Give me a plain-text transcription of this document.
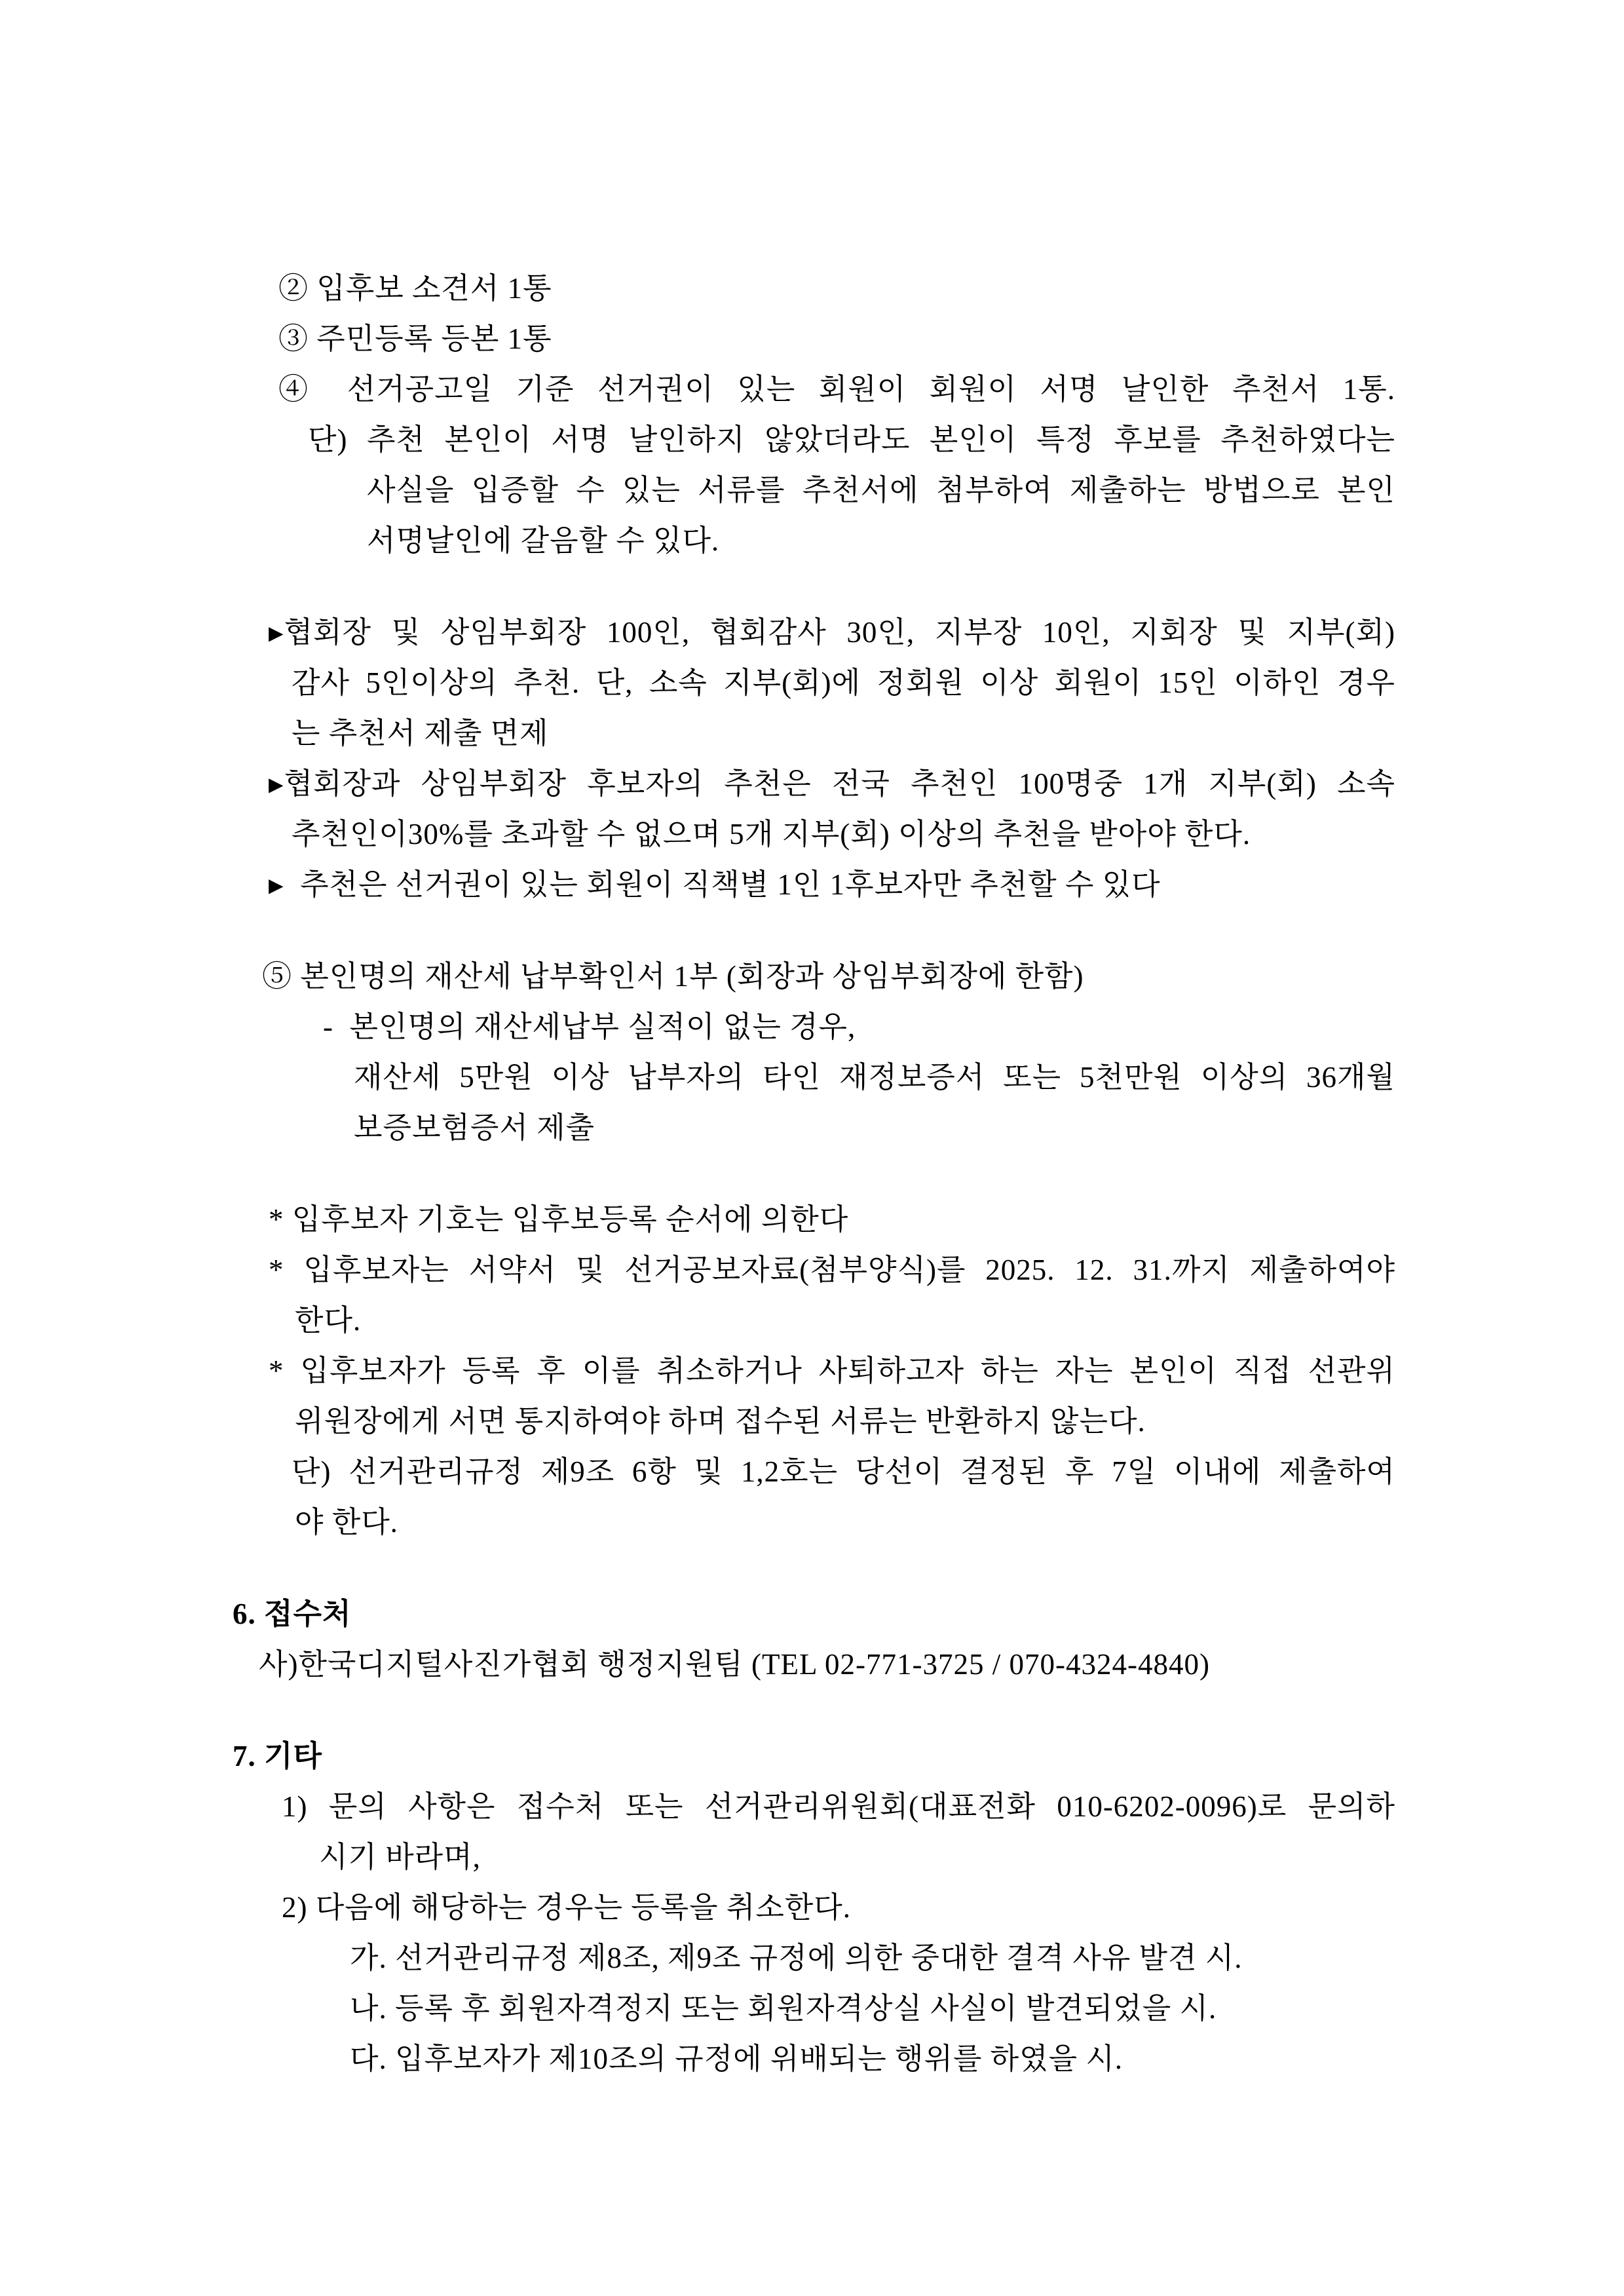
② 입후보 소견서 1통
③ 주민등록 등본 1통
④ 선거공고일 기준 선거권이 있는 회원이 회원이 서명 날인한 추천서 1통.
단) 추천 본인이 서명 날인하지 않았더라도 본인이 특정 후보를 추천하였다는
사실을 입증할 수 있는 서류를 추천서에 첨부하여 제출하는 방법으로 본인
서명날인에 갈음할 수 있다.
▸협회장 및 상임부회장 100인, 협회감사 30인, 지부장 10인, 지회장 및 지부(회)
감사 5인이상의 추천. 단, 소속 지부(회)에 정회원 이상 회원이 15인 이하인 경우
는 추천서 제출 면제
▸협회장과 상임부회장 후보자의 추천은 전국 추천인 100명중 1개 지부(회) 소속
추천인이30%를 초과할 수 없으며 5개 지부(회) 이상의 추천을 받아야 한다.
▸  추천은 선거권이 있는 회원이 직책별 1인 1후보자만 추천할 수 있다
⑤ 본인명의 재산세 납부확인서 1부 (회장과 상임부회장에 한함)
-  본인명의 재산세납부 실적이 없는 경우,
재산세 5만원 이상 납부자의 타인 재정보증서 또는 5천만원 이상의 36개월
보증보험증서 제출
* 입후보자 기호는 입후보등록 순서에 의한다
* 입후보자는 서약서 및 선거공보자료(첨부양식)를 2025. 12. 31.까지 제출하여야
한다.
* 입후보자가 등록 후 이를 취소하거나 사퇴하고자 하는 자는 본인이 직접 선관위
위원장에게 서면 통지하여야 하며 접수된 서류는 반환하지 않는다.
단) 선거관리규정 제9조 6항 및 1,2호는 당선이 결정된 후 7일 이내에 제출하여
야 한다.
6. 접수처
사)한국디지털사진가협회 행정지원팀 (TEL 02-771-3725 / 070-4324-4840)
7. 기타
1) 문의 사항은 접수처 또는 선거관리위원회(대표전화 010-6202-0096)로 문의하
시기 바라며,
2) 다음에 해당하는 경우는 등록을 취소한다.
가. 선거관리규정 제8조, 제9조 규정에 의한 중대한 결격 사유 발견 시.
나. 등록 후 회원자격정지 또는 회원자격상실 사실이 발견되었을 시.
다. 입후보자가 제10조의 규정에 위배되는 행위를 하였을 시.
